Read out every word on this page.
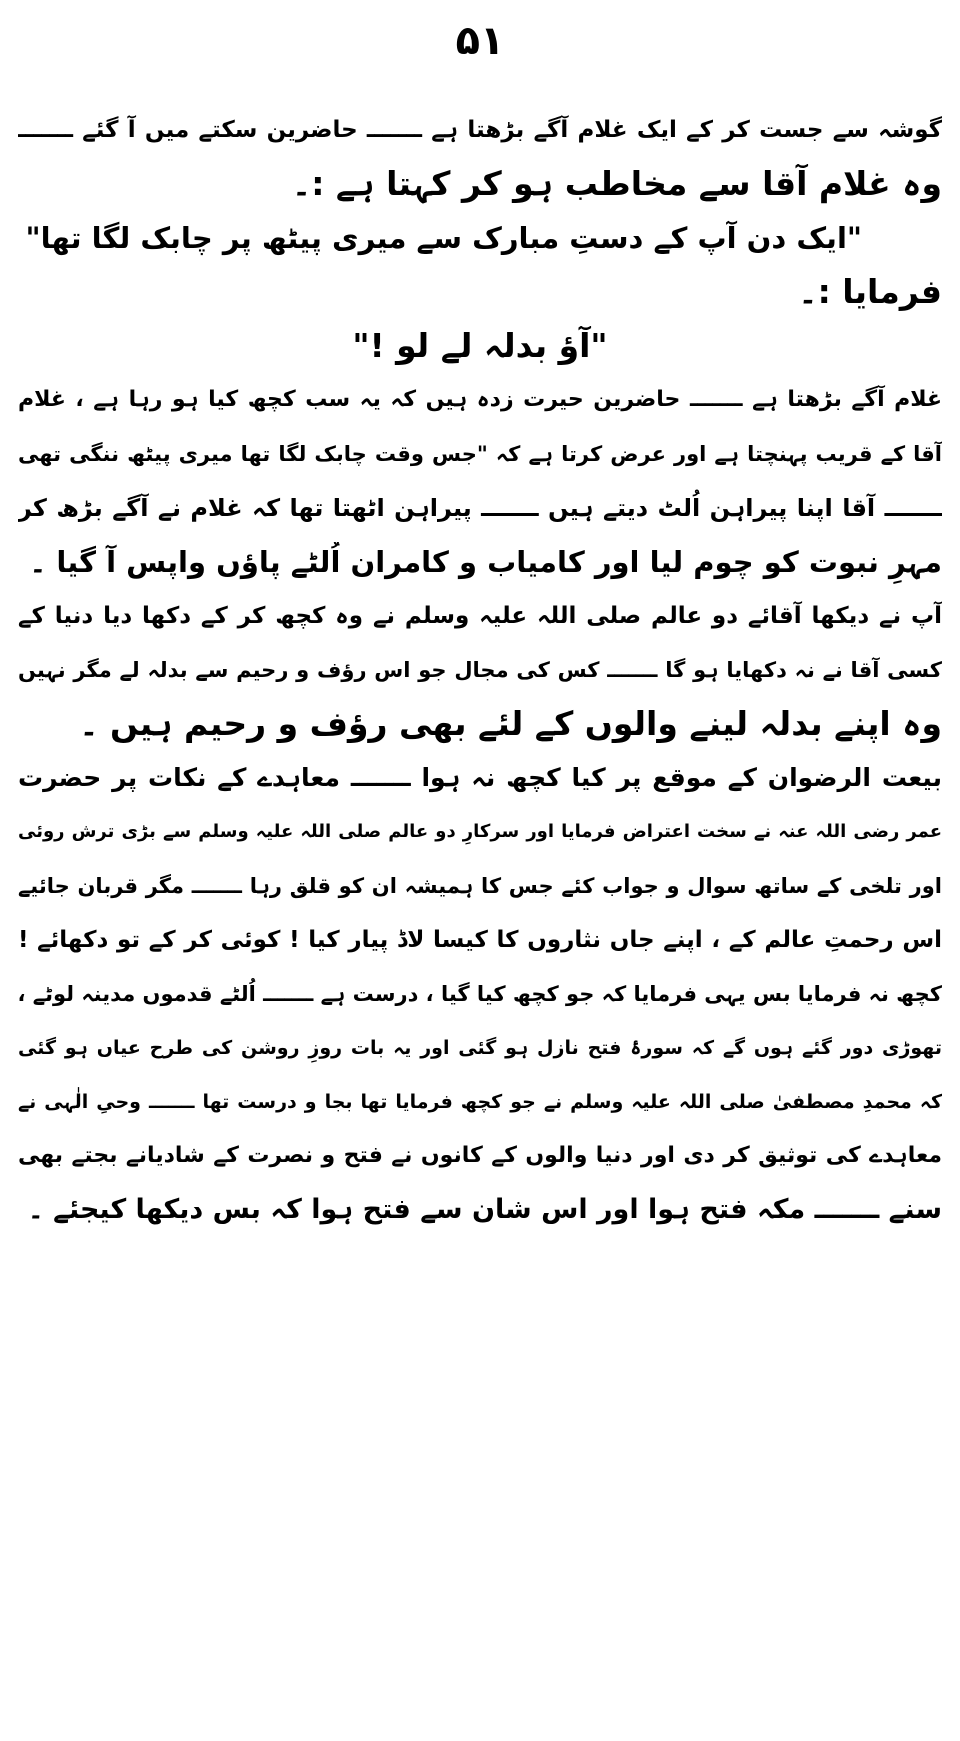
۵۱
گوشہ سے جست کر کے ایک غلام آگے بڑھتا ہے ـــــــ حاضرین سکتے میں آ گئے ـــــــ
وہ غلام آقا سے مخاطب ہو کر کہتا ہے :۔
"ایک دن آپ کے دستِ مبارک سے میری پیٹھ پر چابک لگا تھا"
فرمایا :۔
"آؤ بدلہ لے لو !"
غلام آگے بڑھتا ہے ـــــــ حاضرین حیرت زدہ ہیں کہ یہ سب کچھ کیا ہو رہا ہے ، غلام
آقا کے قریب پہنچتا ہے اور عرض کرتا ہے کہ "جس وقت چابک لگا تھا میری پیٹھ ننگی تھی
ـــــــ آقا اپنا پیراہن اُلٹ دیتے ہیں ـــــــ پیراہن اٹھتا تھا کہ غلام نے آگے بڑھ کر
مہرِ نبوت کو چوم لیا اور کامیاب و کامران اُلٹے پاؤں واپس آ گیا ۔
آپ نے دیکھا آقائے دو عالم صلی اللہ علیہ وسلم نے وہ کچھ کر کے دکھا دیا دنیا کے
کسی آقا نے نہ دکھایا ہو گا ـــــــ کس کی مجال جو اس رؤف و رحیم سے بدلہ لے مگر نہیں
وہ اپنے بدلہ لینے والوں کے لئے بھی رؤف و رحیم ہیں ۔
بیعت الرضوان کے موقع پر کیا کچھ نہ ہوا ـــــــ معاہدے کے نکات پر حضرت
عمر رضی اللہ عنہ نے سخت اعتراض فرمایا اور سرکارِ دو عالم صلی اللہ علیہ وسلم سے بڑی ترش روئی
اور تلخی کے ساتھ سوال و جواب کئے جس کا ہمیشہ ان کو قلق رہا ـــــــ مگر قربان جائیے
اس رحمتِ عالم کے ، اپنے جاں نثاروں کا کیسا لاڈ پیار کیا ! کوئی کر کے تو دکھائے !
کچھ نہ فرمایا بس یہی فرمایا کہ جو کچھ کیا گیا ، درست ہے ـــــــ اُلٹے قدموں مدینہ لوٹے ،
تھوڑی دور گئے ہوں گے کہ سورۂ فتح نازل ہو گئی اور یہ بات روزِ روشن کی طرح عیاں ہو گئی
کہ محمدِ مصطفیٰ صلی اللہ علیہ وسلم نے جو کچھ فرمایا تھا بجا و درست تھا ـــــــ وحیِ الٰہی نے
معاہدے کی توثیق کر دی اور دنیا والوں کے کانوں نے فتح و نصرت کے شادیانے بجتے بھی
سنے ـــــــ مکہ فتح ہوا اور اس شان سے فتح ہوا کہ بس دیکھا کیجئے ۔
